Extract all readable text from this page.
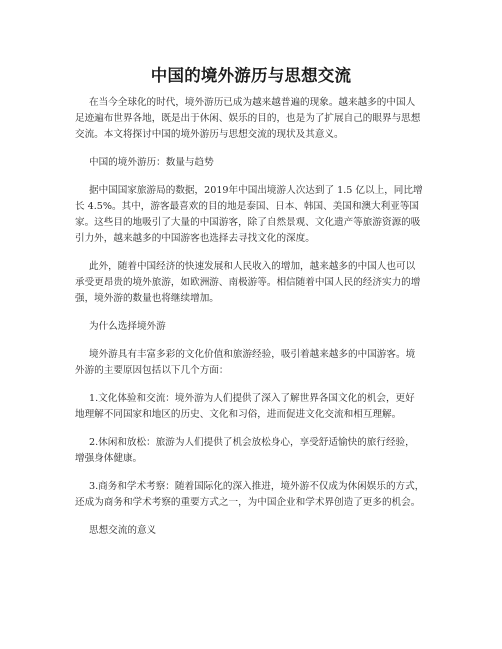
中国的境外游历与思想交流
在当今全球化的时代，境外游历已成为越来越普遍的现象。越来越多的中国人
足迹遍布世界各地，既是出于休闲、娱乐的目的，也是为了扩展自己的眼界与思想
交流。本文将探讨中国的境外游历与思想交流的现状及其意义。
中国的境外游历：数量与趋势
据中国国家旅游局的数据，2019年中国出境游人次达到了 1.5 亿以上，同比增
长 4.5%。其中，游客最喜欢的目的地是泰国、日本、韩国、美国和澳大利亚等国
家。这些目的地吸引了大量的中国游客，除了自然景观、文化遗产等旅游资源的吸
引力外，越来越多的中国游客也选择去寻找文化的深度。
此外，随着中国经济的快速发展和人民收入的增加，越来越多的中国人也可以
承受更昂贵的境外旅游，如欧洲游、南极游等。相信随着中国人民的经济实力的增
强，境外游的数量也将继续增加。
为什么选择境外游
境外游具有丰富多彩的文化价值和旅游经验，吸引着越来越多的中国游客。境
外游的主要原因包括以下几个方面：
1.文化体验和交流：境外游为人们提供了深入了解世界各国文化的机会，更好
地理解不同国家和地区的历史、文化和习俗，进而促进文化交流和相互理解。
2.休闲和放松：旅游为人们提供了机会放松身心，享受舒适愉快的旅行经验，
增强身体健康。
3.商务和学术考察：随着国际化的深入推进，境外游不仅成为休闲娱乐的方式，
还成为商务和学术考察的重要方式之一，为中国企业和学术界创造了更多的机会。
思想交流的意义
